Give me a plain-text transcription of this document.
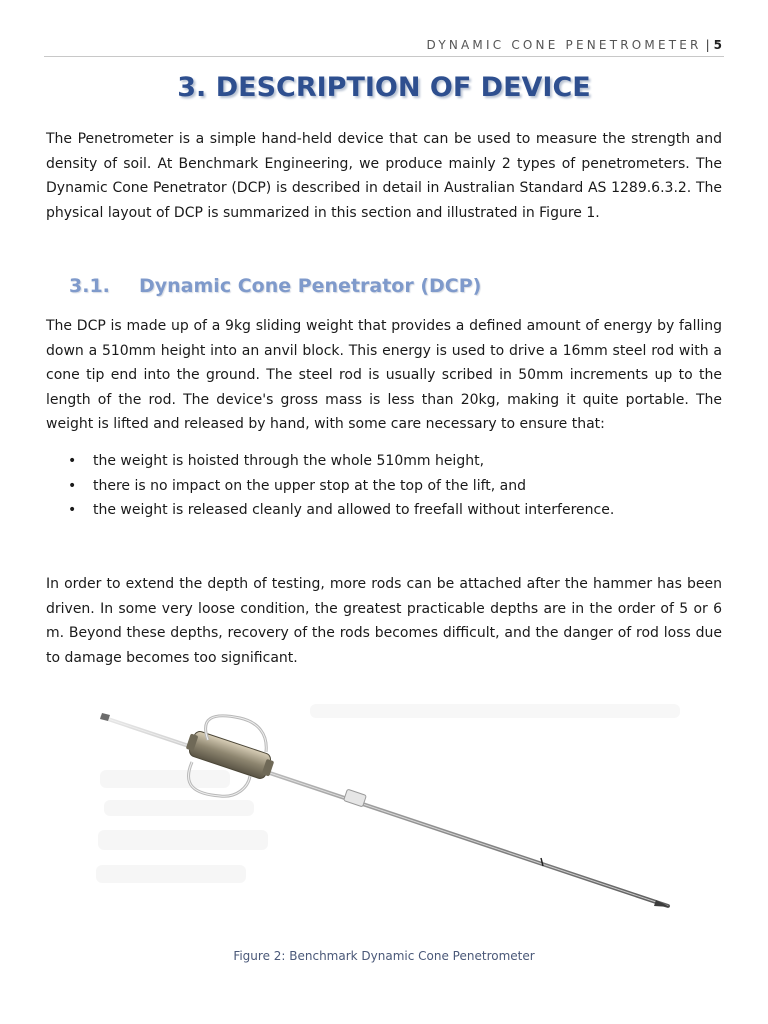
DYNAMIC CONE PENETROMETER | 5
3. DESCRIPTION OF DEVICE

The Penetrometer is a simple hand-held device that can be used to measure the strength and density of soil. At Benchmark Engineering, we produce mainly 2 types of penetrometers. The Dynamic Cone Penetrator (DCP) is described in detail in Australian Standard AS 1289.6.3.2. The physical layout of DCP is summarized in this section and illustrated in Figure 1.

3.1. Dynamic Cone Penetrator (DCP)

The DCP is made up of a 9kg sliding weight that provides a defined amount of energy by falling down a 510mm height into an anvil block. This energy is used to drive a 16mm steel rod with a cone tip end into the ground. The steel rod is usually scribed in 50mm increments up to the length of the rod. The device's gross mass is less than 20kg, making it quite portable. The weight is lifted and released by hand, with some care necessary to ensure that:

• the weight is hoisted through the whole 510mm height,
• there is no impact on the upper stop at the top of the lift, and
• the weight is released cleanly and allowed to freefall without interference.

In order to extend the depth of testing, more rods can be attached after the hammer has been driven. In some very loose condition, the greatest practicable depths are in the order of 5 or 6 m. Beyond these depths, recovery of the rods becomes difficult, and the danger of rod loss due to damage becomes too significant.

Figure 2: Benchmark Dynamic Cone Penetrometer
